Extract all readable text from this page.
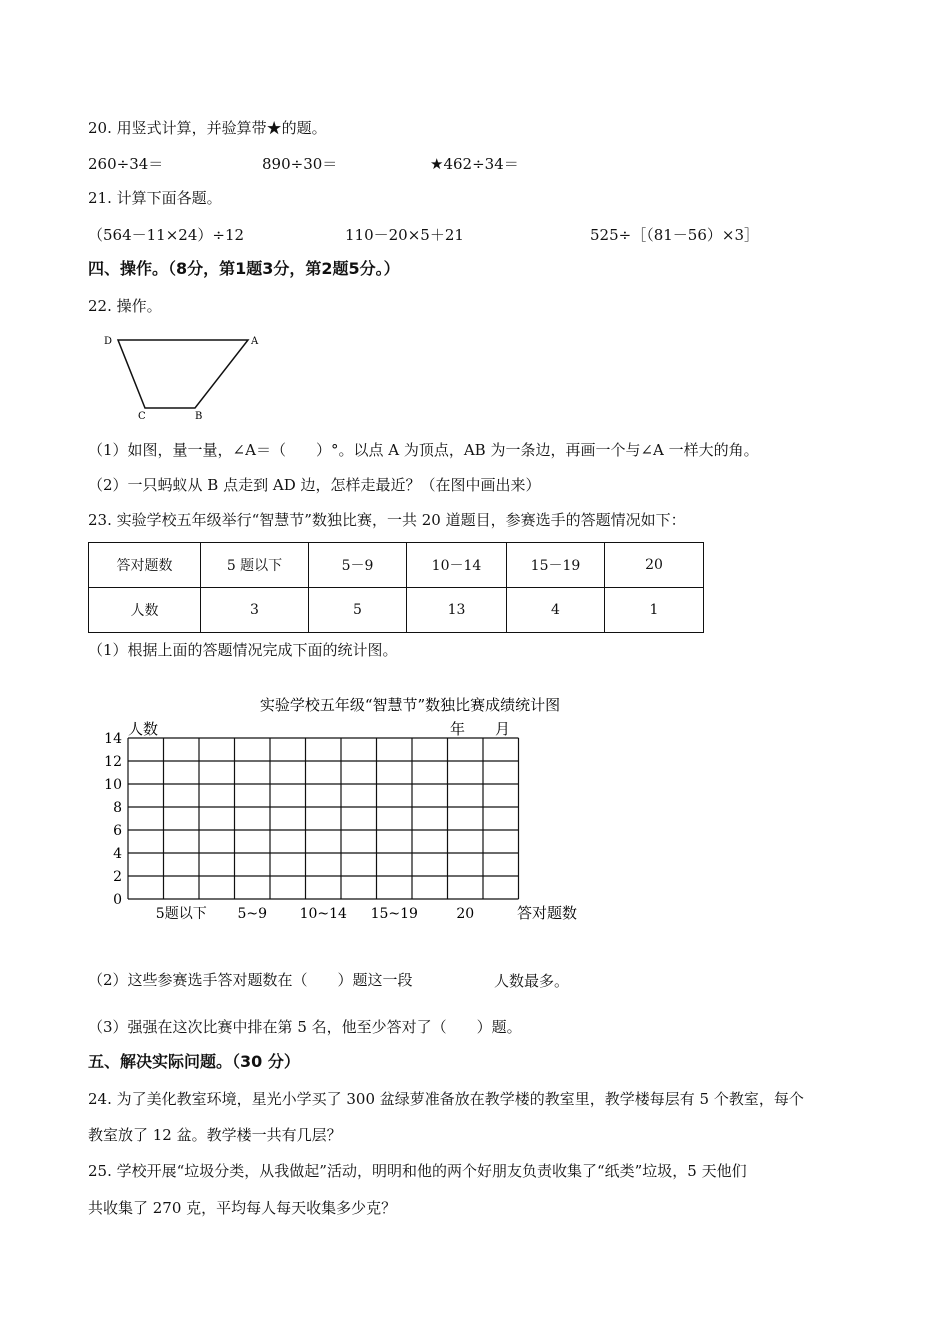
20. 用竖式计算，并验算带★的题。
260÷34＝	890÷30＝	★462÷34＝
21. 计算下面各题。
（564－11×24）÷12	110－20×5＋21	525÷［（81－56）×3］
四、操作。（8分，第1题3分，第2题5分。）
22. 操作。
D	A
C	B
（1）如图，量一量，∠A＝（　　）°。以点 A 为顶点，AB 为一条边，再画一个与∠A 一样大的角。
（2）一只蚂蚁从 B 点走到 AD 边，怎样走最近？（在图中画出来）
23. 实验学校五年级举行“智慧节”数独比赛，一共 20 道题目，参赛选手的答题情况如下：
答对题数	5 题以下	5－9	10－14	15－19	20
人数	3	5	13	4	1
（1）根据上面的答题情况完成下面的统计图。
实验学校五年级“智慧节”数独比赛成绩统计图
人数	年　　月
答对题数
0
2
4
6
8
10
12
14
5题以下 5~9 10~14 15~19	20
（2）这些参赛选手答对题数在（　　）题这一段	人数最多。
（3）强强在这次比赛中排在第 5 名，他至少答对了（　　）题。
五、解决实际问题。（30 分）
24. 为了美化教室环境，星光小学买了 300 盆绿萝准备放在教学楼的教室里，教学楼每层有 5 个教室，每个
教室放了 12 盆。教学楼一共有几层？
25. 学校开展“垃圾分类，从我做起”活动，明明和他的两个好朋友负责收集了“纸类”垃圾，5 天他们
共收集了 270 克，平均每人每天收集多少克？
